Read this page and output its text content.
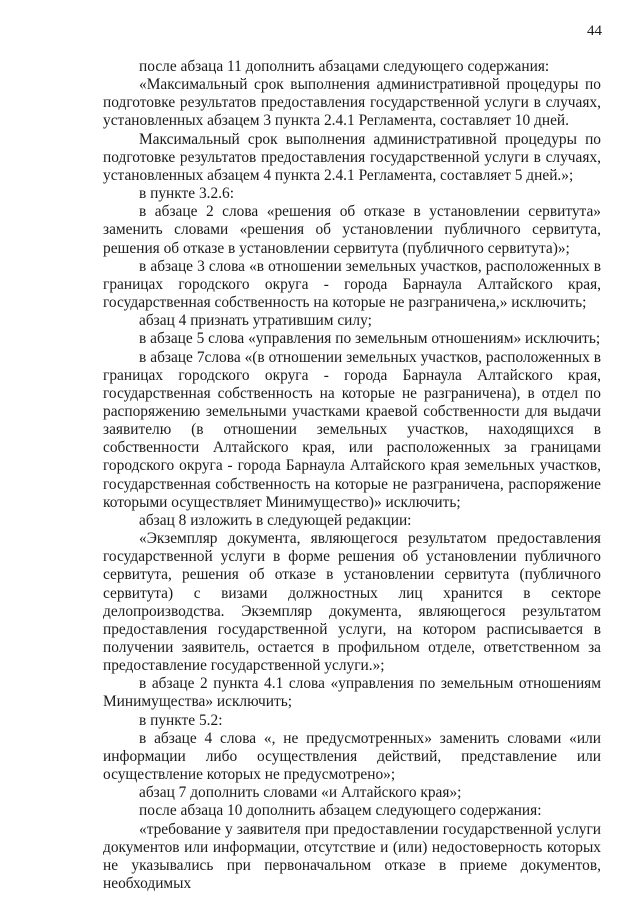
44

после абзаца 11 дополнить абзацами следующего содержания:

«Максимальный срок выполнения административной процедуры по подготовке результатов предоставления государственной услуги в случаях, установленных абзацем 3 пункта 2.4.1 Регламента, составляет 10 дней.

Максимальный срок выполнения административной процедуры по подготовке результатов предоставления государственной услуги в случаях, установленных абзацем 4 пункта 2.4.1 Регламента, составляет 5 дней.»;

в пункте 3.2.6:

в абзаце 2 слова «решения об отказе в установлении сервитута» заменить словами «решения об установлении публичного сервитута, решения об отказе в установлении сервитута (публичного сервитута)»;

в абзаце 3 слова «в отношении земельных участков, расположенных в границах городского округа - города Барнаула Алтайского края, государственная собственность на которые не разграничена,» исключить;

абзац 4 признать утратившим силу;

в абзаце 5 слова «управления по земельным отношениям» исключить;

в абзаце 7слова «(в отношении земельных участков, расположенных в границах городского округа - города Барнаула Алтайского края, государственная собственность на которые не разграничена), в отдел по распоряжению земельными участками краевой собственности для выдачи заявителю (в отношении земельных участков, находящихся в собственности Алтайского края, или расположенных за границами городского округа - города Барнаула Алтайского края земельных участков, государственная собственность на которые не разграничена, распоряжение которыми осуществляет Минимущество)» исключить;

абзац 8 изложить в следующей редакции:

«Экземпляр документа, являющегося результатом предоставления государственной услуги в форме решения об установлении публичного сервитута, решения об отказе в установлении сервитута (публичного сервитута) с визами должностных лиц хранится в секторе делопроизводства. Экземпляр документа, являющегося результатом предоставления государственной услуги, на котором расписывается в получении заявитель, остается в профильном отделе, ответственном за предоставление государственной услуги.»;

в абзаце 2 пункта 4.1 слова «управления по земельным отношениям Минимущества» исключить;

в пункте 5.2:

в абзаце 4 слова «, не предусмотренных» заменить словами «или информации либо осуществления действий, представление или осуществление которых не предусмотрено»;

абзац 7 дополнить словами «и Алтайского края»;

после абзаца 10 дополнить абзацем следующего содержания:

«требование у заявителя при предоставлении государственной услуги документов или информации, отсутствие и (или) недостоверность которых не указывались при первоначальном отказе в приеме документов, необходимых
